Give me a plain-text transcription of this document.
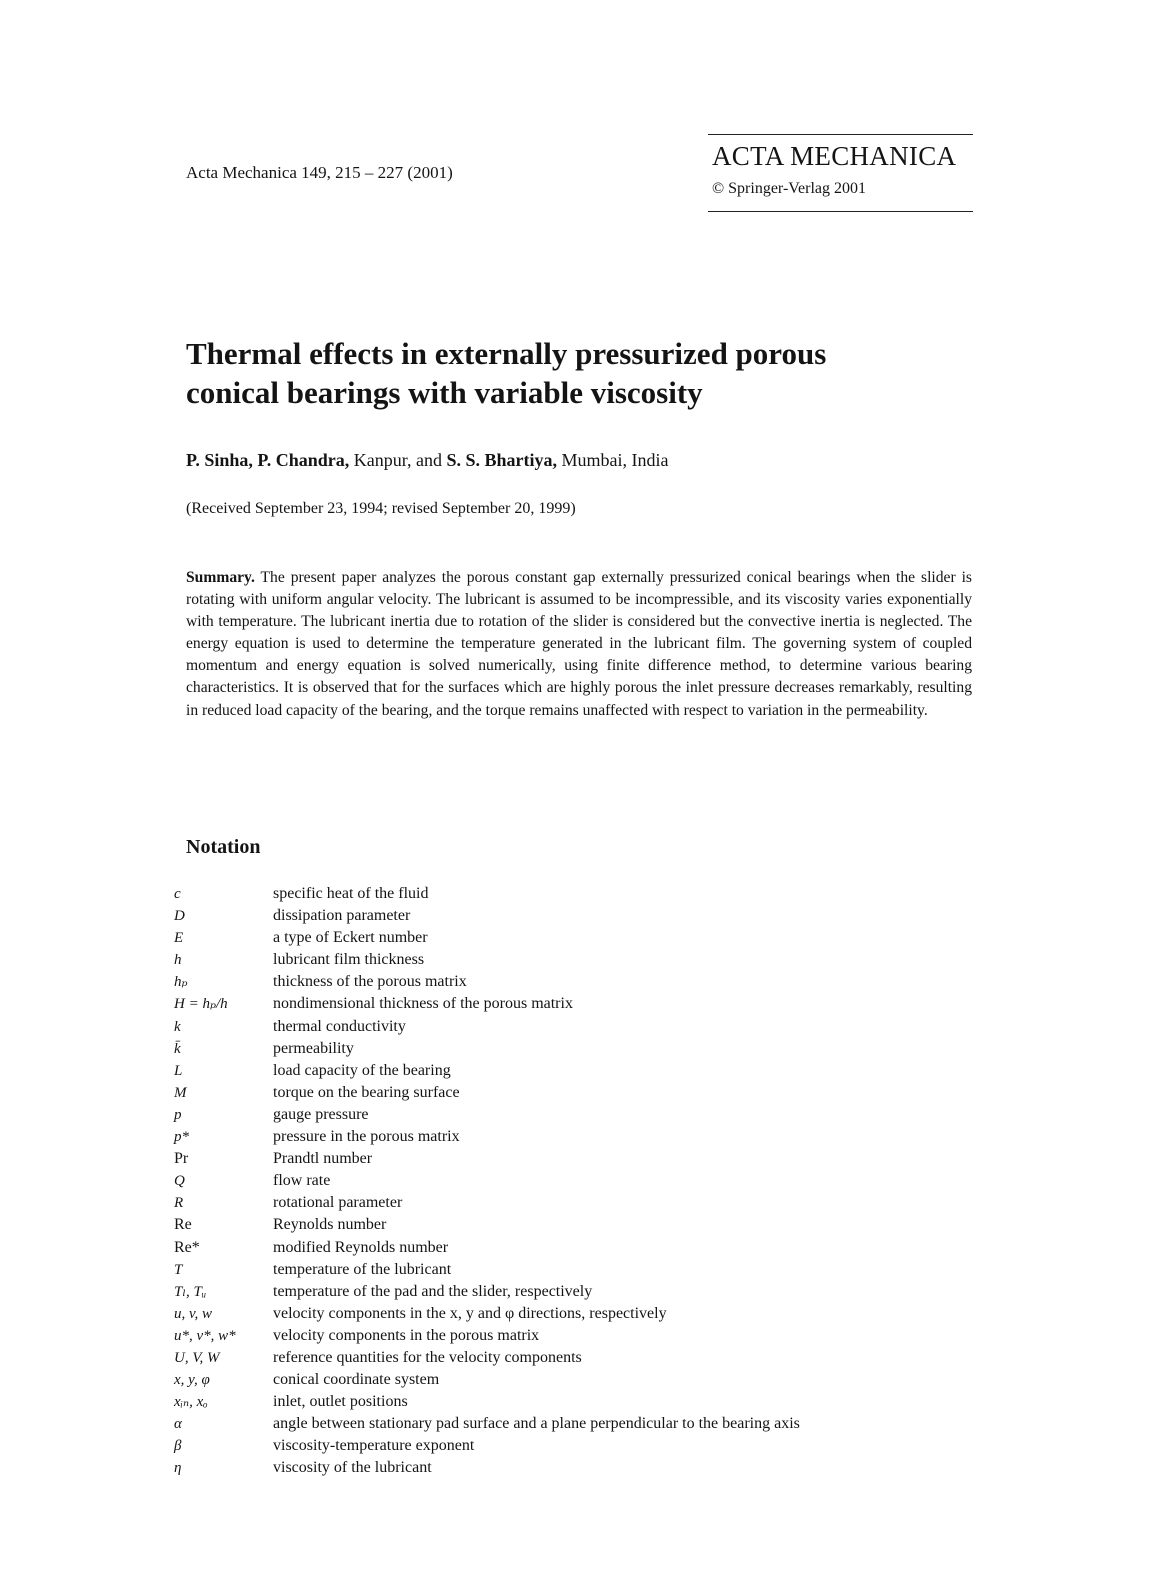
Acta Mechanica 149, 215 – 227 (2001)
ACTA MECHANICA
© Springer-Verlag 2001
Thermal effects in externally pressurized porous
conical bearings with variable viscosity
P. Sinha, P. Chandra, Kanpur, and S. S. Bhartiya, Mumbai, India
(Received September 23, 1994; revised September 20, 1999)
Summary. The present paper analyzes the porous constant gap externally pressurized conical bearings when the slider is rotating with uniform angular velocity. The lubricant is assumed to be incompressible, and its viscosity varies exponentially with temperature. The lubricant inertia due to rotation of the slider is considered but the convective inertia is neglected. The energy equation is used to determine the temperature generated in the lubricant film. The governing system of coupled momentum and energy equation is solved numerically, using finite difference method, to determine various bearing characteristics. It is observed that for the surfaces which are highly porous the inlet pressure decreases remarkably, resulting in reduced load capacity of the bearing, and the torque remains unaffected with respect to variation in the permeability.
Notation
c	specific heat of the fluid
D	dissipation parameter
E	a type of Eckert number
h	lubricant film thickness
hₚ	thickness of the porous matrix
H = hₚ/h	nondimensional thickness of the porous matrix
k	thermal conductivity
k̄	permeability
L	load capacity of the bearing
M	torque on the bearing surface
p	gauge pressure
p*	pressure in the porous matrix
Pr	Prandtl number
Q	flow rate
R	rotational parameter
Re	Reynolds number
Re*	modified Reynolds number
T	temperature of the lubricant
Tₗ, Tᵤ	temperature of the pad and the slider, respectively
u, v, w	velocity components in the x, y and φ directions, respectively
u*, v*, w*	velocity components in the porous matrix
U, V, W	reference quantities for the velocity components
x, y, φ	conical coordinate system
xᵢₙ, xₒ	inlet, outlet positions
α	angle between stationary pad surface and a plane perpendicular to the bearing axis
β	viscosity-temperature exponent
η	viscosity of the lubricant
